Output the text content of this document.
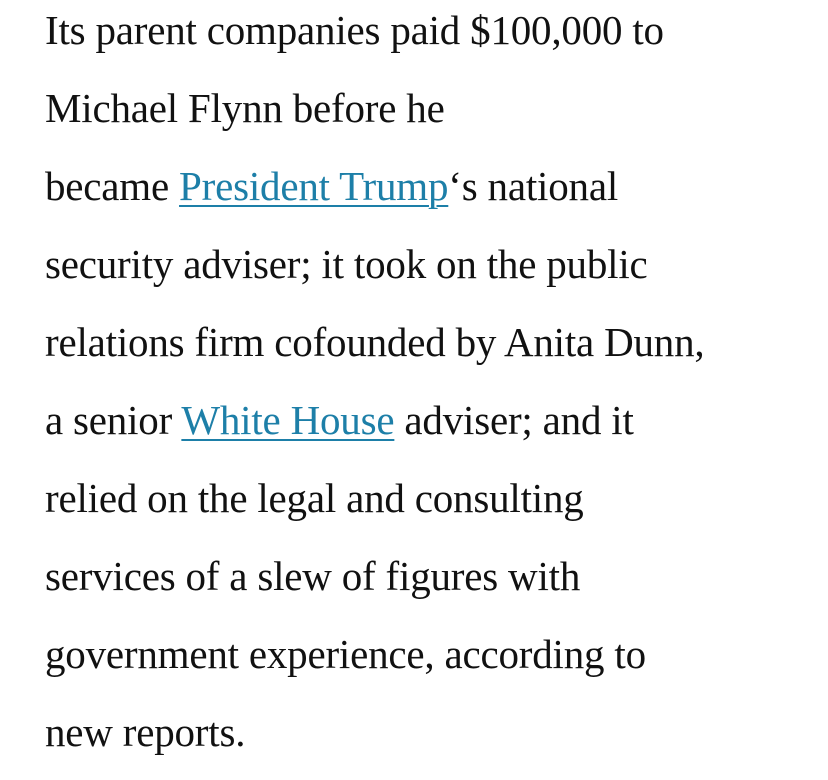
Its parent companies paid $100,000 to
Michael Flynn before he
became President Trump‘s national
security adviser; it took on the public
relations firm cofounded by Anita Dunn,
a senior White House adviser; and it
relied on the legal and consulting
services of a slew of figures with
government experience, according to
new reports.
